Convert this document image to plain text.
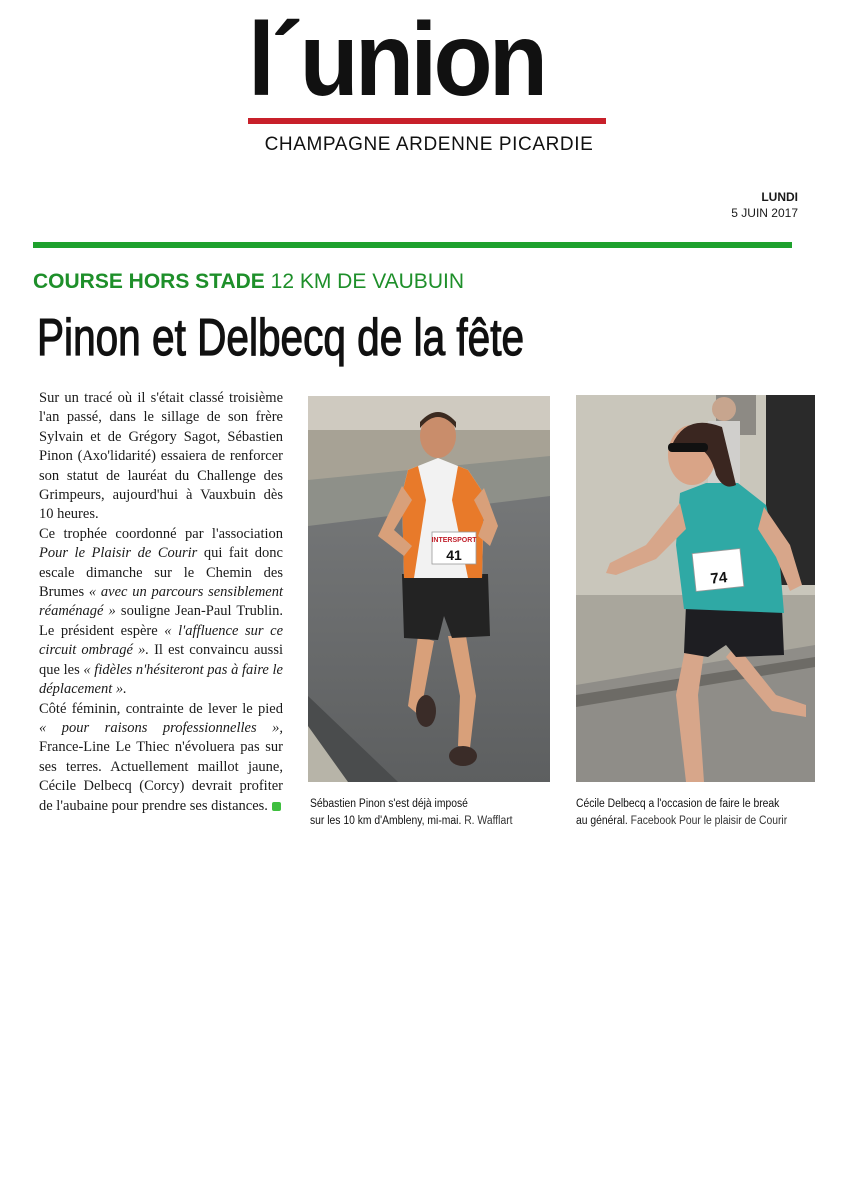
l´union
CHAMPAGNE ARDENNE PICARDIE
LUNDI
5 JUIN 2017
COURSE HORS STADE 12 KM DE VAUBUIN
Pinon et Delbecq de la fête

Sur un tracé où il s'était classé troisième l'an passé, dans le sillage de son frère Sylvain et de Grégory Sagot, Sébastien Pinon (Axo'lidarité) essaiera de renforcer son statut de lauréat du Challenge des Grimpeurs, aujourd'hui à Vauxbuin dès 10 heures.

Ce trophée coordonné par l'association Pour le Plaisir de Courir qui fait donc escale dimanche sur le Chemin des Brumes « avec un parcours sensiblement réaménagé » souligne Jean-Paul Trublin. Le président espère « l'affluence sur ce circuit ombragé ». Il est convaincu aussi que les « fidèles n'hésiteront pas à faire le déplacement ».

Côté féminin, contrainte de lever le pied « pour raisons professionnelles », France-Line Le Thiec n'évoluera pas sur ses terres. Actuellement maillot jaune, Cécile Delbecq (Corcy) devrait profiter de l'aubaine pour prendre ses distances.

INTERSPORT
41
74
Sébastien Pinon s'est déjà imposé
sur les 10 km d'Ambleny, mi-mai. R. Wafflart
Cécile Delbecq a l'occasion de faire le break
au général. Facebook Pour le plaisir de Courir
